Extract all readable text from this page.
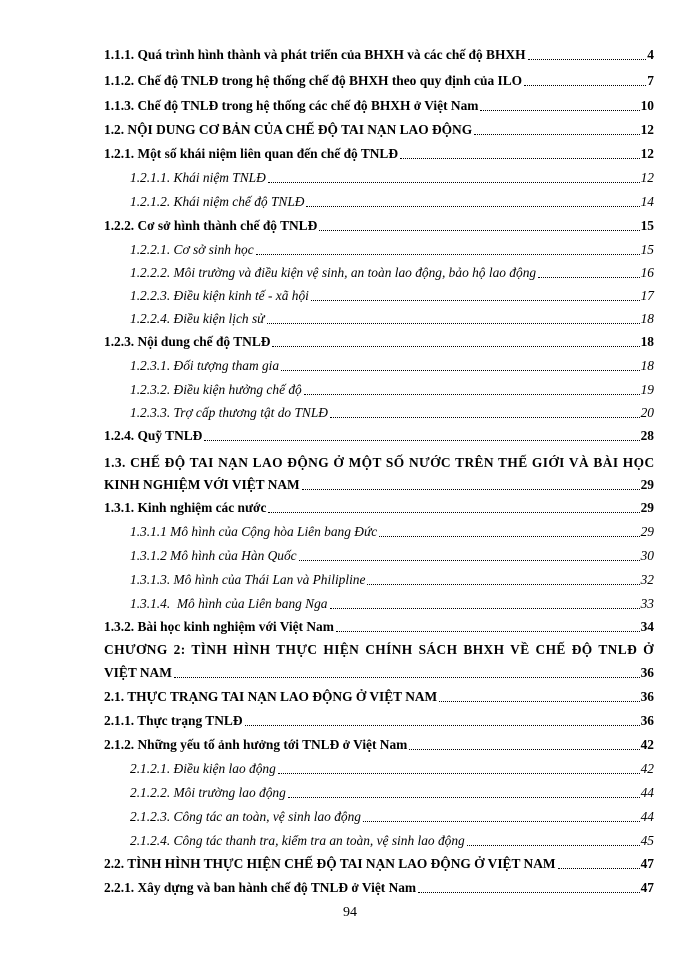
1.1.1. Quá trình hình thành và phát triển của BHXH và các chế độ BHXH	4
1.1.2. Chế độ TNLĐ trong hệ thống chế độ BHXH theo quy định của ILO	7
1.1.3. Chế độ TNLĐ trong hệ thống các chế độ BHXH ở Việt Nam	10
1.2. NỘI DUNG CƠ BẢN CỦA CHẾ ĐỘ TAI NẠN LAO ĐỘNG	12
1.2.1. Một số khái niệm liên quan đến chế độ TNLĐ	12
1.2.1.1. Khái niệm TNLĐ	12
1.2.1.2. Khái niệm chế độ TNLĐ	14
1.2.2. Cơ sở hình thành chế độ TNLĐ	15
1.2.2.1. Cơ sở sinh học	15
1.2.2.2. Môi trường và điều kiện vệ sinh, an toàn lao động, bảo hộ lao động	16
1.2.2.3. Điều kiện kinh tế - xã hội	17
1.2.2.4. Điều kiện lịch sử	18
1.2.3. Nội dung chế độ TNLĐ	18
1.2.3.1. Đối tượng tham gia	18
1.2.3.2. Điều kiện hưởng chế độ	19
1.2.3.3. Trợ cấp thương tật do TNLĐ	20
1.2.4. Quỹ TNLĐ	28
1.3. CHẾ ĐỘ TAI NẠN LAO ĐỘNG Ở MỘT SỐ NƯỚC TRÊN THẾ GIỚI VÀ BÀI HỌC
KINH NGHIỆM VỚI VIỆT NAM	29
1.3.1. Kinh nghiệm các nước	29
1.3.1.1 Mô hình của Cộng hòa Liên bang Đức	29
1.3.1.2 Mô hình của Hàn Quốc	30
1.3.1.3. Mô hình của Thái Lan và Philipline	32
1.3.1.4.  Mô hình của Liên bang Nga	33
1.3.2. Bài học kinh nghiệm với Việt Nam	34
CHƯƠNG 2: TÌNH HÌNH THỰC HIỆN CHÍNH SÁCH BHXH VỀ CHẾ ĐỘ TNLĐ Ở
VIỆT NAM	36
2.1. THỰC TRẠNG TAI NẠN LAO ĐỘNG Ở VIỆT NAM	36
2.1.1. Thực trạng TNLĐ	36
2.1.2. Những yếu tố ảnh hưởng tới TNLĐ ở Việt Nam	42
2.1.2.1. Điều kiện lao động	42
2.1.2.2. Môi trường lao động	44
2.1.2.3. Công tác an toàn, vệ sinh lao động	44
2.1.2.4. Công tác thanh tra, kiểm tra an toàn, vệ sinh lao động	45
2.2. TÌNH HÌNH THỰC HIỆN CHẾ ĐỘ TAI NẠN LAO ĐỘNG Ở VIỆT NAM	47
2.2.1. Xây dựng và ban hành chế độ TNLĐ ở Việt Nam	47
94
